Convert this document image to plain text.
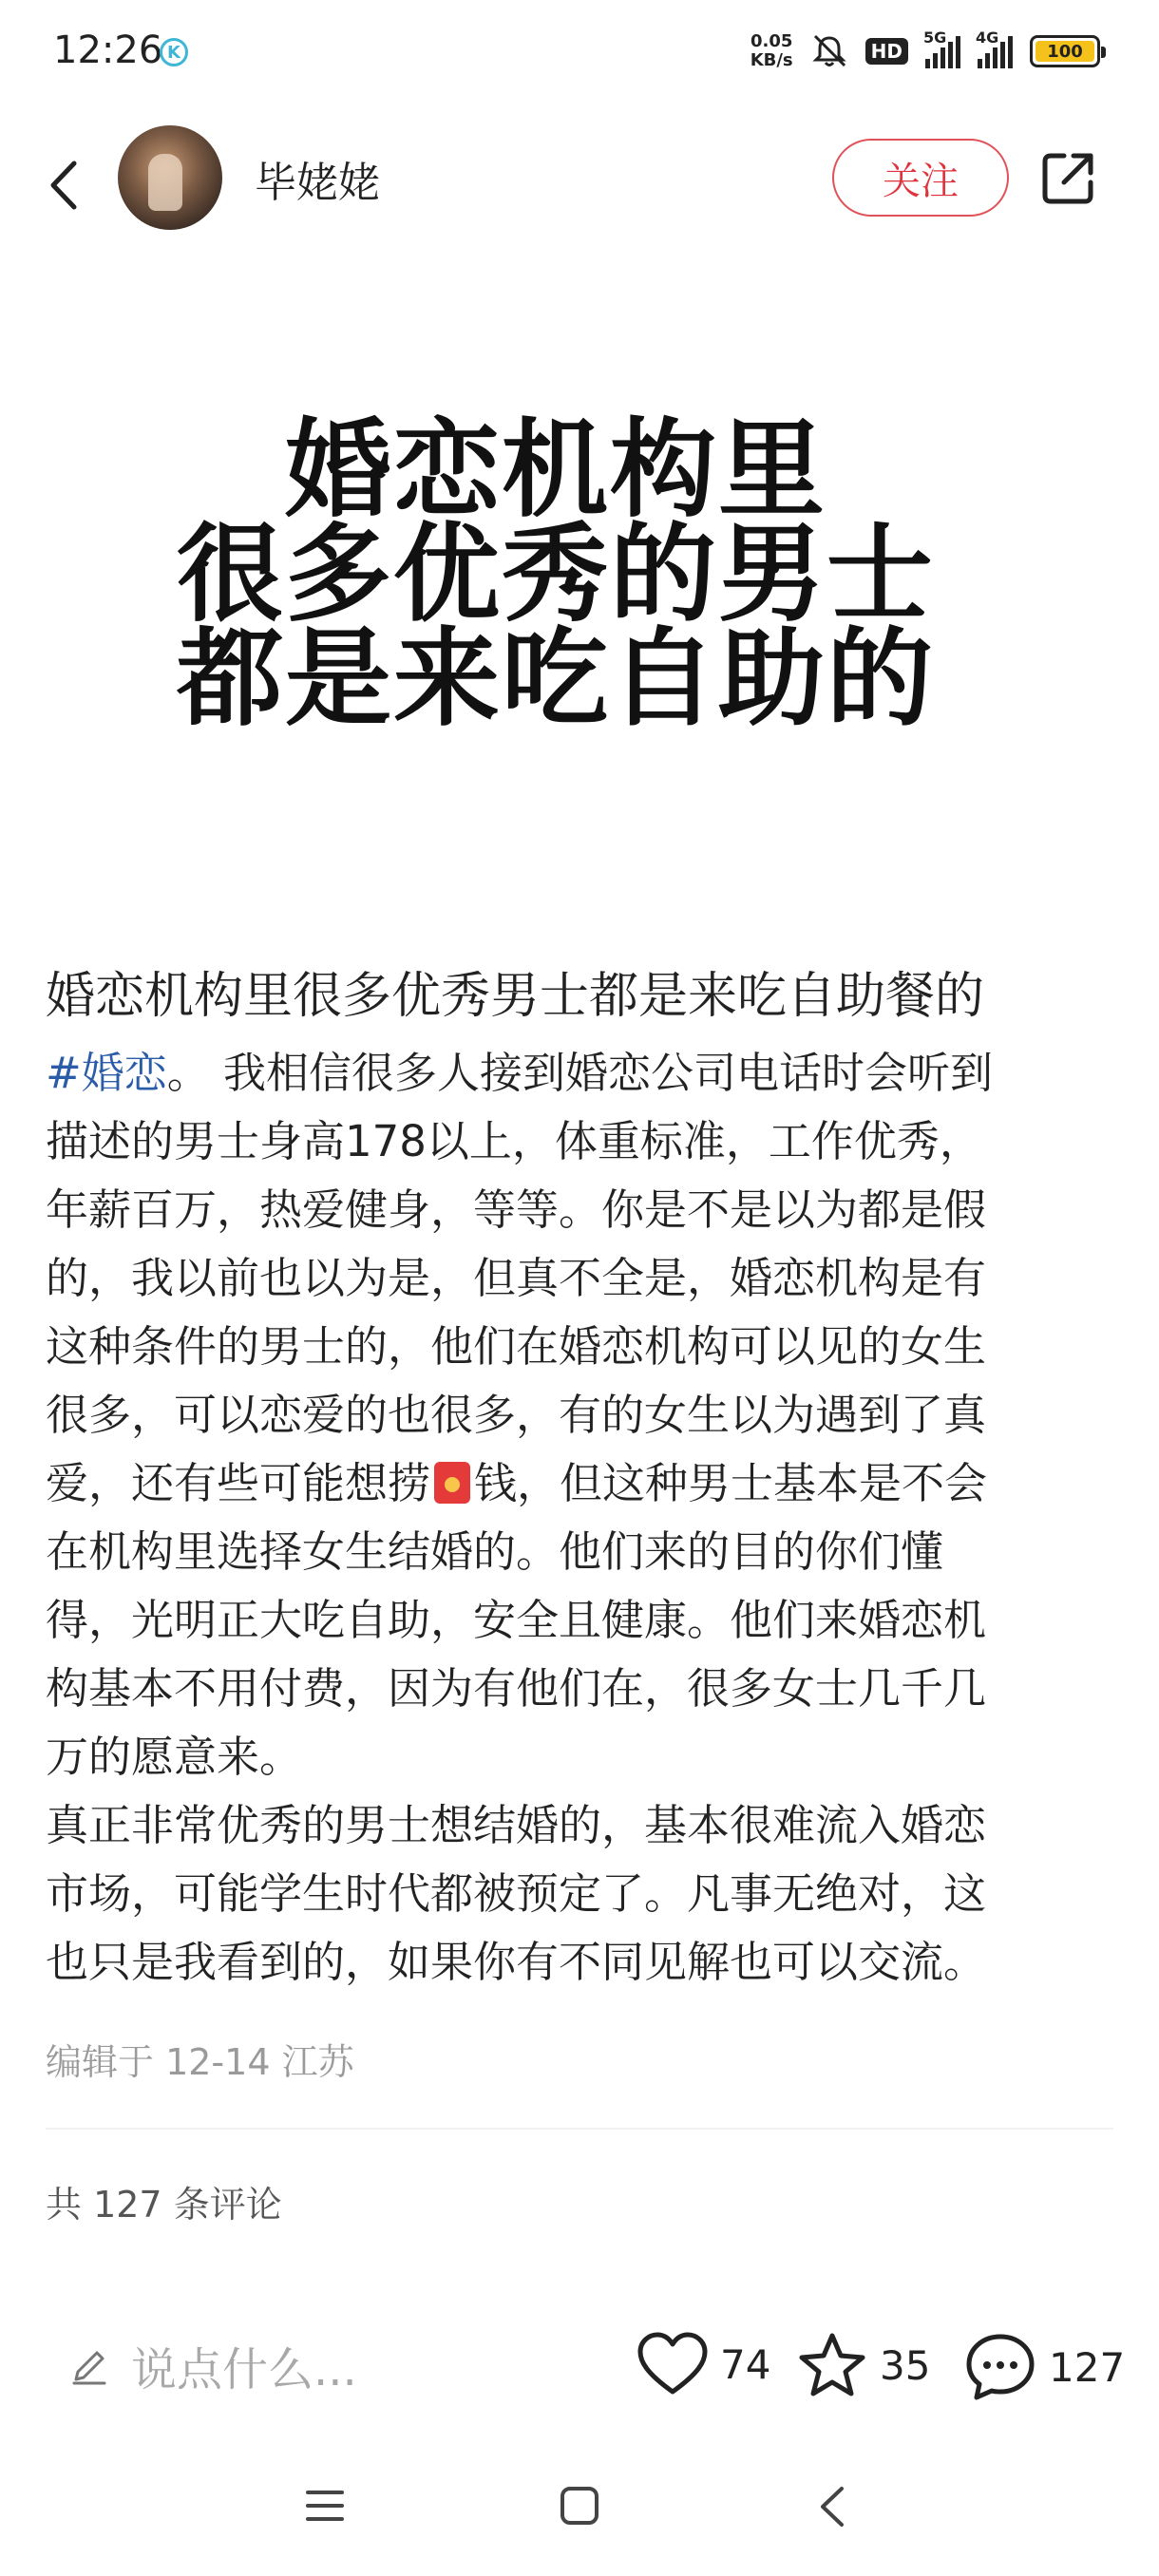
12:26 K
0.05
KB/s	HD
5G 4G
100
毕姥姥	关注
婚恋机构里
很多优秀的男士
都是来吃自助的
婚恋机构里很多优秀男士都是来吃自助餐的

#婚恋。 我相信很多人接到婚恋公司电话时会听到

描述的男士身高178以上，体重标准，工作优秀，

年薪百万，热爱健身，等等。你是不是以为都是假

的，我以前也以为是，但真不全是，婚恋机构是有

这种条件的男士的，他们在婚恋机构可以见的女生

很多，可以恋爱的也很多，有的女生以为遇到了真

爱，还有些可能想捞 钱，但这种男士基本是不会

在机构里选择女生结婚的。他们来的目的你们懂

得，光明正大吃自助，安全且健康。他们来婚恋机

构基本不用付费，因为有他们在，很多女士几千几

万的愿意来。

真正非常优秀的男士想结婚的，基本很难流入婚恋

市场，可能学生时代都被预定了。凡事无绝对，这

也只是我看到的，如果你有不同见解也可以交流。

编辑于 12-14 江苏
共 127 条评论
说点什么...	74	35	127
